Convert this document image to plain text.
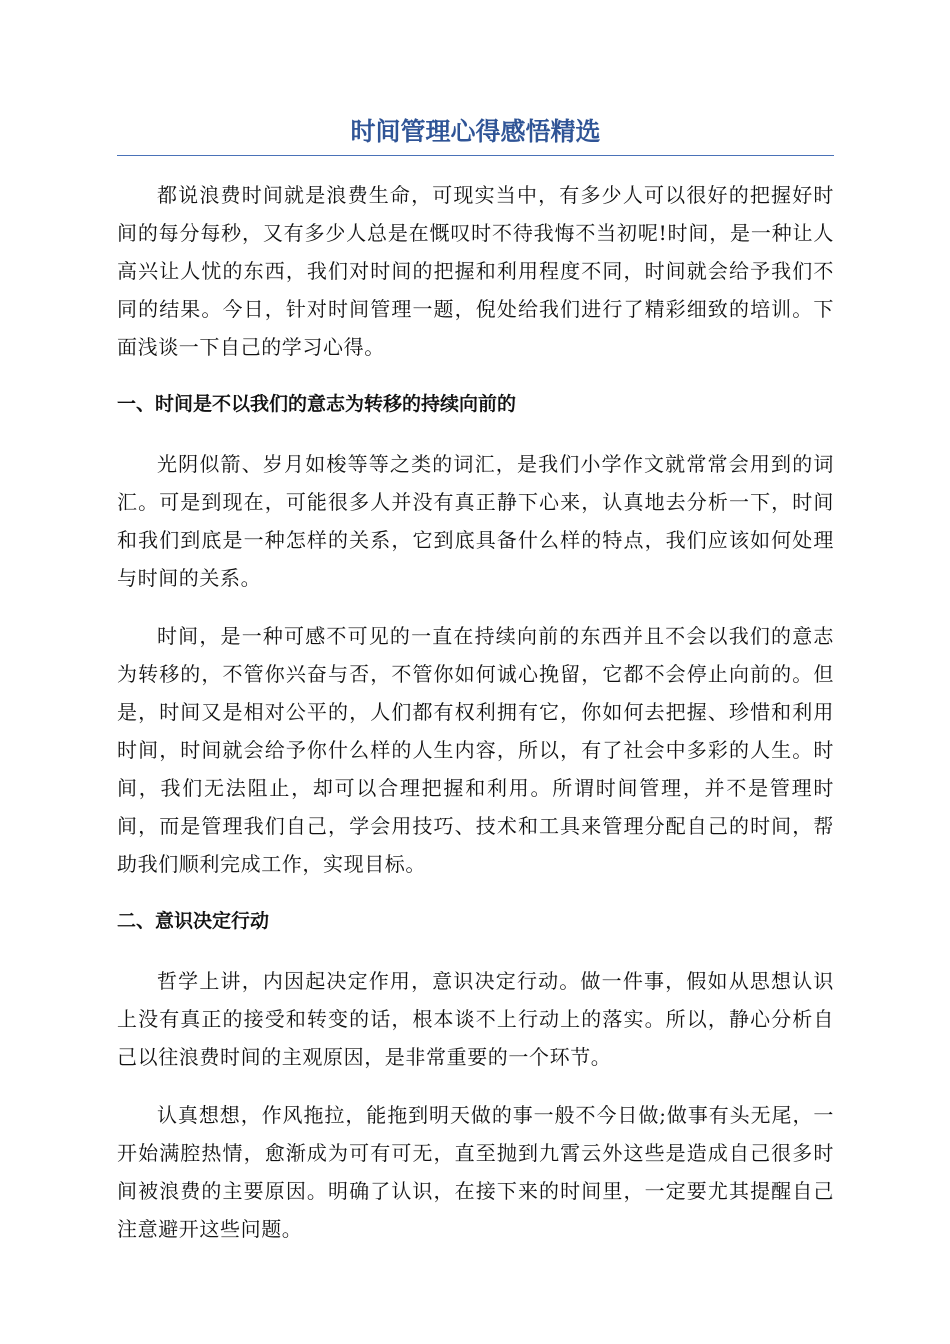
时间管理心得感悟精选

都说浪费时间就是浪费生命，可现实当中，有多少人可以很好的把握好时间的每分每秒，又有多少人总是在慨叹时不待我悔不当初呢!时间，是一种让人高兴让人忧的东西，我们对时间的把握和利用程度不同，时间就会给予我们不同的结果。今日，针对时间管理一题，倪处给我们进行了精彩细致的培训。下面浅谈一下自己的学习心得。

一、时间是不以我们的意志为转移的持续向前的

光阴似箭、岁月如梭等等之类的词汇，是我们小学作文就常常会用到的词汇。可是到现在，可能很多人并没有真正静下心来，认真地去分析一下，时间和我们到底是一种怎样的关系，它到底具备什么样的特点，我们应该如何处理与时间的关系。

时间，是一种可感不可见的一直在持续向前的东西并且不会以我们的意志为转移的，不管你兴奋与否，不管你如何诚心挽留，它都不会停止向前的。但是，时间又是相对公平的，人们都有权利拥有它，你如何去把握、珍惜和利用时间，时间就会给予你什么样的人生内容，所以，有了社会中多彩的人生。时间，我们无法阻止，却可以合理把握和利用。所谓时间管理，并不是管理时间，而是管理我们自己，学会用技巧、技术和工具来管理分配自己的时间，帮助我们顺利完成工作，实现目标。

二、意识决定行动

哲学上讲，内因起决定作用，意识决定行动。做一件事，假如从思想认识上没有真正的接受和转变的话，根本谈不上行动上的落实。所以，静心分析自己以往浪费时间的主观原因，是非常重要的一个环节。

认真想想，作风拖拉，能拖到明天做的事一般不今日做;做事有头无尾，一开始满腔热情，愈渐成为可有可无，直至抛到九霄云外这些是造成自己很多时间被浪费的主要原因。明确了认识，在接下来的时间里，一定要尤其提醒自己注意避开这些问题。
